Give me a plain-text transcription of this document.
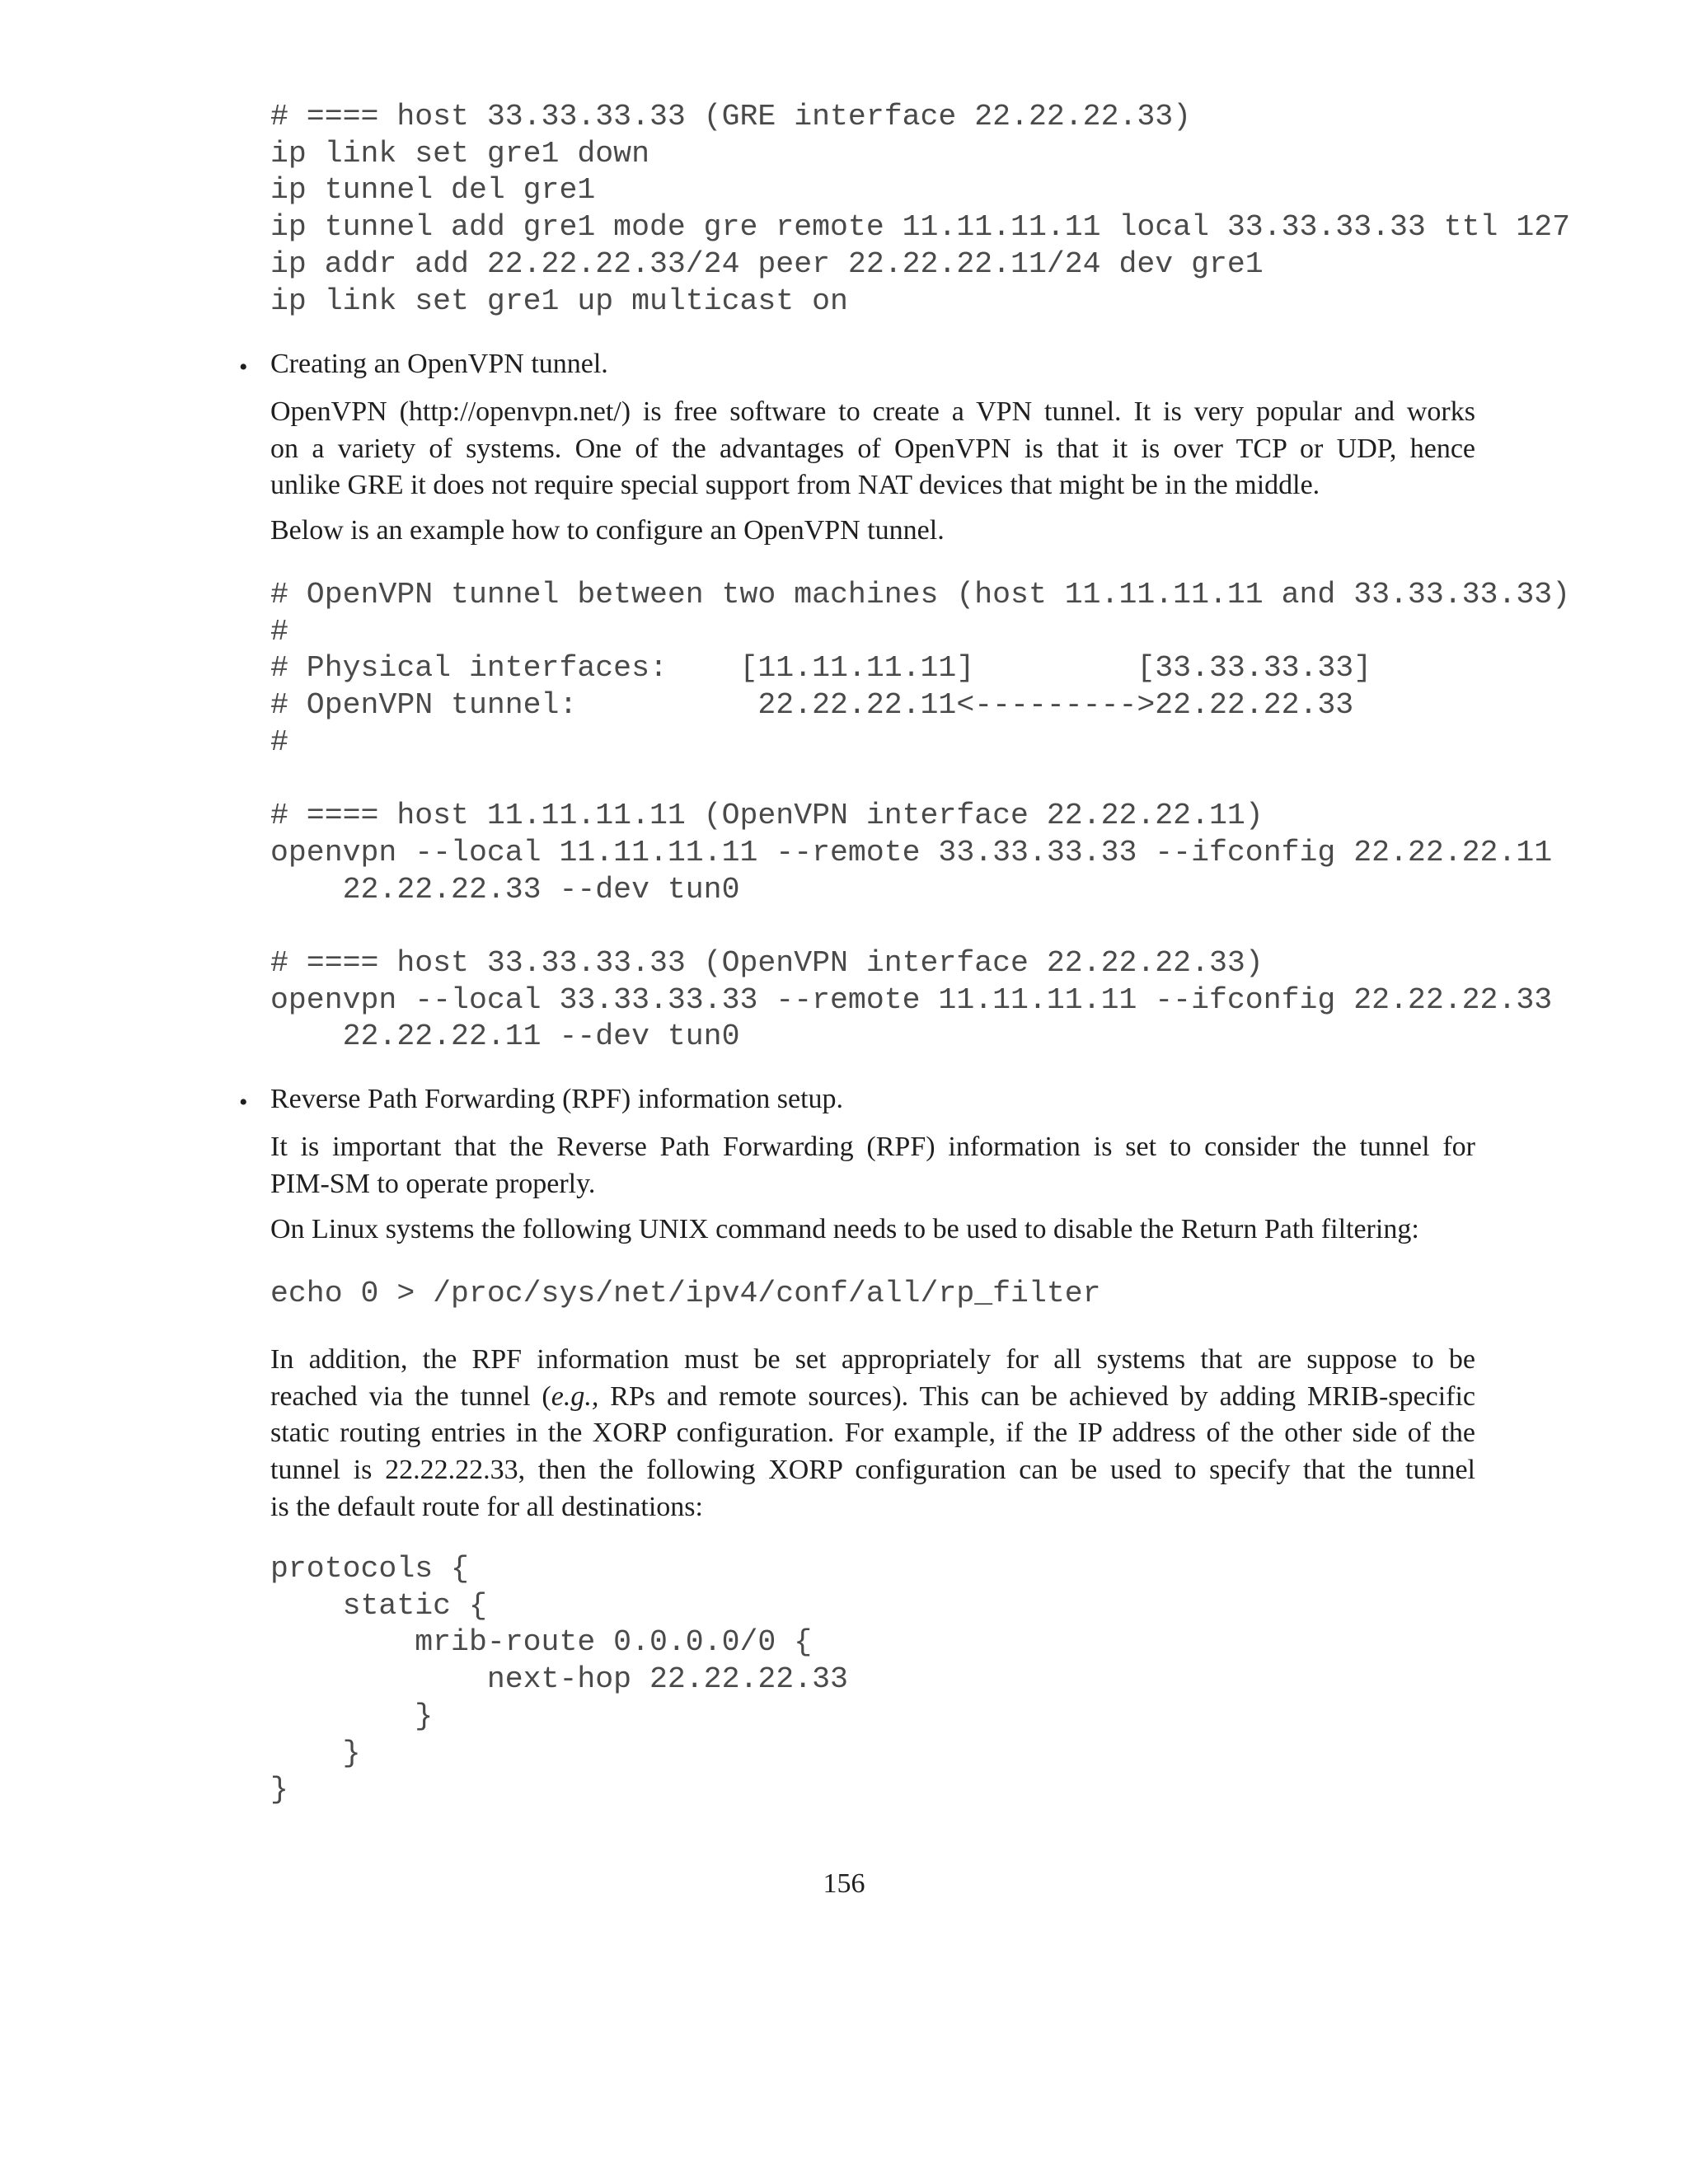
# ==== host 33.33.33.33 (GRE interface 22.22.22.33)
ip link set gre1 down
ip tunnel del gre1
ip tunnel add gre1 mode gre remote 11.11.11.11 local 33.33.33.33 ttl 127
ip addr add 22.22.22.33/24 peer 22.22.22.11/24 dev gre1
ip link set gre1 up multicast on
• Creating an OpenVPN tunnel.
OpenVPN (http://openvpn.net/) is free software to create a VPN tunnel. It is very popular and works
on a variety of systems. One of the advantages of OpenVPN is that it is over TCP or UDP, hence
unlike GRE it does not require special support from NAT devices that might be in the middle.
Below is an example how to configure an OpenVPN tunnel.
# OpenVPN tunnel between two machines (host 11.11.11.11 and 33.33.33.33)
#
# Physical interfaces:    [11.11.11.11]         [33.33.33.33]
# OpenVPN tunnel:          22.22.22.11<--------->22.22.22.33
#

# ==== host 11.11.11.11 (OpenVPN interface 22.22.22.11)
openvpn --local 11.11.11.11 --remote 33.33.33.33 --ifconfig 22.22.22.11
22.22.22.33 --dev tun0

# ==== host 33.33.33.33 (OpenVPN interface 22.22.22.33)
openvpn --local 33.33.33.33 --remote 11.11.11.11 --ifconfig 22.22.22.33
22.22.22.11 --dev tun0
• Reverse Path Forwarding (RPF) information setup.
It is important that the Reverse Path Forwarding (RPF) information is set to consider the tunnel for
PIM-SM to operate properly.
On Linux systems the following UNIX command needs to be used to disable the Return Path filtering:
echo 0 > /proc/sys/net/ipv4/conf/all/rp_filter
In addition, the RPF information must be set appropriately for all systems that are suppose to be
reached via the tunnel (e.g., RPs and remote sources). This can be achieved by adding MRIB-specific
static routing entries in the XORP configuration. For example, if the IP address of the other side of the
tunnel is 22.22.22.33, then the following XORP configuration can be used to specify that the tunnel
is the default route for all destinations:
protocols {
static {
mrib-route 0.0.0.0/0 {
next-hop 22.22.22.33
}
}
}
156
